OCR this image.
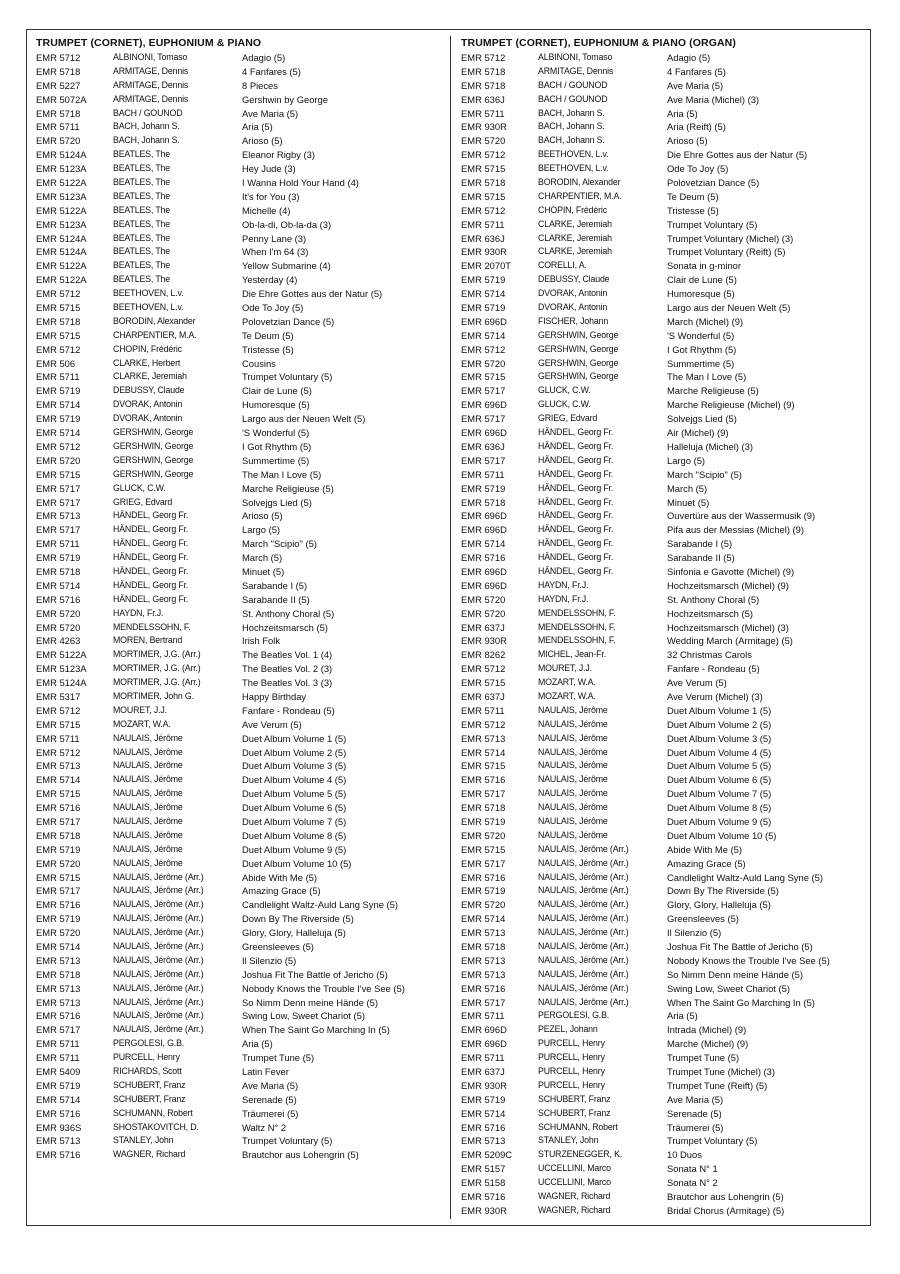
TRUMPET (CORNET), EUPHONIUM & PIANO
EMR 5712	ALBINONI, Tomaso	Adagio (5)
EMR 5718	ARMITAGE, Dennis	4 Fanfares (5)
EMR 5227	ARMITAGE, Dennis	8 Pieces
EMR 5072A	ARMITAGE, Dennis	Gershwin by George
EMR 5718	BACH / GOUNOD	Ave Maria (5)
EMR 5711	BACH, Johann S.	Aria (5)
EMR 5720	BACH, Johann S.	Arioso (5)
EMR 5124A	BEATLES, The	Eleanor Rigby (3)
EMR 5123A	BEATLES, The	Hey Jude (3)
EMR 5122A	BEATLES, The	I Wanna Hold Your Hand (4)
EMR 5123A	BEATLES, The	It's for You (3)
EMR 5122A	BEATLES, The	Michelle (4)
EMR 5123A	BEATLES, The	Ob-la-di, Ob-la-da (3)
EMR 5124A	BEATLES, The	Penny Lane (3)
EMR 5124A	BEATLES, The	When I'm 64 (3)
EMR 5122A	BEATLES, The	Yellow Submarine (4)
EMR 5122A	BEATLES, The	Yesterday (4)
EMR 5712	BEETHOVEN, L.v.	Die Ehre Gottes aus der Natur (5)
EMR 5715	BEETHOVEN, L.v.	Ode To Joy (5)
EMR 5718	BORODIN, Alexander	Polovetzian Dance (5)
EMR 5715	CHARPENTIER, M.A.	Te Deum (5)
EMR 5712	CHOPIN, Frédéric	Tristesse (5)
EMR 506	CLARKE, Herbert	Cousins
EMR 5711	CLARKE, Jeremiah	Trumpet Voluntary (5)
EMR 5719	DEBUSSY, Claude	Clair de Lune (5)
EMR 5714	DVORAK, Antonin	Humoresque (5)
EMR 5719	DVORAK, Antonin	Largo aus der Neuen Welt (5)
EMR 5714	GERSHWIN, George	'S Wonderful (5)
EMR 5712	GERSHWIN, George	I Got Rhythm (5)
EMR 5720	GERSHWIN, George	Summertime (5)
EMR 5715	GERSHWIN, George	The Man I Love (5)
EMR 5717	GLUCK, C.W.	Marche Religieuse (5)
EMR 5717	GRIEG, Edvard	Solvejgs Lied (5)
EMR 5713	HÄNDEL, Georg Fr.	Arioso (5)
EMR 5717	HÄNDEL, Georg Fr.	Largo (5)
EMR 5711	HÄNDEL, Georg Fr.	March "Scipio" (5)
EMR 5719	HÄNDEL, Georg Fr.	March (5)
EMR 5718	HÄNDEL, Georg Fr.	Minuet (5)
EMR 5714	HÄNDEL, Georg Fr.	Sarabande I (5)
EMR 5716	HÄNDEL, Georg Fr.	Sarabande II (5)
EMR 5720	HAYDN, Fr.J.	St. Anthony Choral (5)
EMR 5720	MENDELSSOHN, F.	Hochzeitsmarsch (5)
EMR 4263	MOREN, Bertrand	Irish Folk
EMR 5122A	MORTIMER, J.G. (Arr.)	The Beatles Vol. 1 (4)
EMR 5123A	MORTIMER, J.G. (Arr.)	The Beatles Vol. 2 (3)
EMR 5124A	MORTIMER, J.G. (Arr.)	The Beatles Vol. 3 (3)
EMR 5317	MORTIMER, John G.	Happy Birthday
EMR 5712	MOURET, J.J.	Fanfare - Rondeau (5)
EMR 5715	MOZART, W.A.	Ave Verum (5)
EMR 5711	NAULAIS, Jérôme	Duet Album Volume 1 (5)
EMR 5712	NAULAIS, Jérôme	Duet Album Volume 2 (5)
EMR 5713	NAULAIS, Jérôme	Duet Album Volume 3 (5)
EMR 5714	NAULAIS, Jérôme	Duet Album Volume 4 (5)
EMR 5715	NAULAIS, Jérôme	Duet Album Volume 5 (5)
EMR 5716	NAULAIS, Jérôme	Duet Album Volume 6 (5)
EMR 5717	NAULAIS, Jérôme	Duet Album Volume 7 (5)
EMR 5718	NAULAIS, Jérôme	Duet Album Volume 8 (5)
EMR 5719	NAULAIS, Jérôme	Duet Album Volume 9 (5)
EMR 5720	NAULAIS, Jérôme	Duet Album Volume 10 (5)
EMR 5715	NAULAIS, Jérôme (Arr.)	Abide With Me (5)
EMR 5717	NAULAIS, Jérôme (Arr.)	Amazing Grace (5)
EMR 5716	NAULAIS, Jérôme (Arr.)	Candlelight Waltz-Auld Lang Syne (5)
EMR 5719	NAULAIS, Jérôme (Arr.)	Down By The Riverside (5)
EMR 5720	NAULAIS, Jérôme (Arr.)	Glory, Glory, Halleluja (5)
EMR 5714	NAULAIS, Jérôme (Arr.)	Greensleeves (5)
EMR 5713	NAULAIS, Jérôme (Arr.)	Il Silenzio (5)
EMR 5718	NAULAIS, Jérôme (Arr.)	Joshua Fit The Battle of Jericho (5)
EMR 5713	NAULAIS, Jérôme (Arr.)	Nobody Knows the Trouble I've See (5)
EMR 5713	NAULAIS, Jérôme (Arr.)	So Nimm Denn meine Hände (5)
EMR 5716	NAULAIS, Jérôme (Arr.)	Swing Low, Sweet Chariot (5)
EMR 5717	NAULAIS, Jérôme (Arr.)	When The Saint Go Marching In (5)
EMR 5711	PERGOLESI, G.B.	Aria (5)
EMR 5711	PURCELL, Henry	Trumpet Tune (5)
EMR 5409	RICHARDS, Scott	Latin Fever
EMR 5719	SCHUBERT, Franz	Ave Maria (5)
EMR 5714	SCHUBERT, Franz	Serenade (5)
EMR 5716	SCHUMANN, Robert	Träumerei (5)
EMR 936S	SHOSTAKOVITCH, D.	Waltz N° 2
EMR 5713	STANLEY, John	Trumpet Voluntary (5)
EMR 5716	WAGNER, Richard	Brautchor aus Lohengrin (5)
TRUMPET (CORNET), EUPHONIUM & PIANO (ORGAN)
EMR 5712	ALBINONI, Tomaso	Adagio (5)
EMR 5718	ARMITAGE, Dennis	4 Fanfares (5)
EMR 5718	BACH / GOUNOD	Ave Maria (5)
EMR 636J	BACH / GOUNOD	Ave Maria (Michel) (3)
EMR 5711	BACH, Johann S.	Aria (5)
EMR 930R	BACH, Johann S.	Aria (Reift) (5)
EMR 5720	BACH, Johann S.	Arioso (5)
EMR 5712	BEETHOVEN, L.v.	Die Ehre Gottes aus der Natur (5)
EMR 5715	BEETHOVEN, L.v.	Ode To Joy (5)
EMR 5718	BORODIN, Alexander	Polovetzian Dance (5)
EMR 5715	CHARPENTIER, M.A.	Te Deum (5)
EMR 5712	CHOPIN, Frédéric	Tristesse (5)
EMR 5711	CLARKE, Jeremiah	Trumpet Voluntary (5)
EMR 636J	CLARKE, Jeremiah	Trumpet Voluntary (Michel) (3)
EMR 930R	CLARKE, Jeremiah	Trumpet Voluntary (Reift) (5)
EMR 2070T	CORELLI, A.	Sonata in g-minor
EMR 5719	DEBUSSY, Claude	Clair de Lune (5)
EMR 5714	DVORAK, Antonin	Humoresque (5)
EMR 5719	DVORAK, Antonin	Largo aus der Neuen Welt (5)
EMR 696D	FISCHER, Johann	March (Michel) (9)
EMR 5714	GERSHWIN, George	'S Wonderful (5)
EMR 5712	GERSHWIN, George	I Got Rhythm (5)
EMR 5720	GERSHWIN, George	Summertime (5)
EMR 5715	GERSHWIN, George	The Man I Love (5)
EMR 5717	GLUCK, C.W.	Marche Religieuse (5)
EMR 696D	GLUCK, C.W.	Marche Religieuse (Michel) (9)
EMR 5717	GRIEG, Edvard	Solvejgs Lied (5)
EMR 696D	HÄNDEL, Georg Fr.	Air (Michel) (9)
EMR 636J	HÄNDEL, Georg Fr.	Halleluja (Michel) (3)
EMR 5717	HÄNDEL, Georg Fr.	Largo (5)
EMR 5711	HÄNDEL, Georg Fr.	March "Scipio" (5)
EMR 5719	HÄNDEL, Georg Fr.	March (5)
EMR 5718	HÄNDEL, Georg Fr.	Minuet (5)
EMR 696D	HÄNDEL, Georg Fr.	Ouvertüre aus der Wassermusik (9)
EMR 696D	HÄNDEL, Georg Fr.	Pifa aus der Messias (Michel) (9)
EMR 5714	HÄNDEL, Georg Fr.	Sarabande I (5)
EMR 5716	HÄNDEL, Georg Fr.	Sarabande II (5)
EMR 696D	HÄNDEL, Georg Fr.	Sinfonia e Gavotte (Michel) (9)
EMR 696D	HAYDN, Fr.J.	Hochzeitsmarsch (Michel) (9)
EMR 5720	HAYDN, Fr.J.	St. Anthony Choral (5)
EMR 5720	MENDELSSOHN, F.	Hochzeitsmarsch (5)
EMR 637J	MENDELSSOHN, F.	Hochzeitsmarsch (Michel) (3)
EMR 930R	MENDELSSOHN, F.	Wedding March (Armitage) (5)
EMR 8262	MICHEL, Jean-Fr.	32 Christmas Carols
EMR 5712	MOURET, J.J.	Fanfare - Rondeau (5)
EMR 5715	MOZART, W.A.	Ave Verum (5)
EMR 637J	MOZART, W.A.	Ave Verum (Michel) (3)
EMR 5711	NAULAIS, Jérôme	Duet Album Volume 1 (5)
EMR 5712	NAULAIS, Jérôme	Duet Album Volume 2 (5)
EMR 5713	NAULAIS, Jérôme	Duet Album Volume 3 (5)
EMR 5714	NAULAIS, Jérôme	Duet Album Volume 4 (5)
EMR 5715	NAULAIS, Jérôme	Duet Album Volume 5 (5)
EMR 5716	NAULAIS, Jérôme	Duet Album Volume 6 (5)
EMR 5717	NAULAIS, Jérôme	Duet Album Volume 7 (5)
EMR 5718	NAULAIS, Jérôme	Duet Album Volume 8 (5)
EMR 5719	NAULAIS, Jérôme	Duet Album Volume 9 (5)
EMR 5720	NAULAIS, Jérôme	Duet Album Volume 10 (5)
EMR 5715	NAULAIS, Jérôme (Arr.)	Abide With Me (5)
EMR 5717	NAULAIS, Jérôme (Arr.)	Amazing Grace (5)
EMR 5716	NAULAIS, Jérôme (Arr.)	Candlelight Waltz-Auld Lang Syne (5)
EMR 5719	NAULAIS, Jérôme (Arr.)	Down By The Riverside (5)
EMR 5720	NAULAIS, Jérôme (Arr.)	Glory, Glory, Halleluja (5)
EMR 5714	NAULAIS, Jérôme (Arr.)	Greensleeves (5)
EMR 5713	NAULAIS, Jérôme (Arr.)	Il Silenzio (5)
EMR 5718	NAULAIS, Jérôme (Arr.)	Joshua Fit The Battle of Jericho (5)
EMR 5713	NAULAIS, Jérôme (Arr.)	Nobody Knows the Trouble I've See (5)
EMR 5713	NAULAIS, Jérôme (Arr.)	So Nimm Denn meine Hände (5)
EMR 5716	NAULAIS, Jérôme (Arr.)	Swing Low, Sweet Chariot (5)
EMR 5717	NAULAIS, Jérôme (Arr.)	When The Saint Go Marching In (5)
EMR 5711	PERGOLESI, G.B.	Aria (5)
EMR 696D	PEZEL, Johann	Intrada (Michel) (9)
EMR 696D	PURCELL, Henry	Marche (Michel) (9)
EMR 5711	PURCELL, Henry	Trumpet Tune (5)
EMR 637J	PURCELL, Henry	Trumpet Tune (Michel) (3)
EMR 930R	PURCELL, Henry	Trumpet Tune (Reift) (5)
EMR 5719	SCHUBERT, Franz	Ave Maria (5)
EMR 5714	SCHUBERT, Franz	Serenade (5)
EMR 5716	SCHUMANN, Robert	Träumerei (5)
EMR 5713	STANLEY, John	Trumpet Voluntary (5)
EMR 5209C	STURZENEGGER, K.	10 Duos
EMR 5157	UCCELLINI, Marco	Sonata N° 1
EMR 5158	UCCELLINI, Marco	Sonata N° 2
EMR 5716	WAGNER, Richard	Brautchor aus Lohengrin (5)
EMR 930R	WAGNER, Richard	Bridal Chorus (Armitage) (5)
